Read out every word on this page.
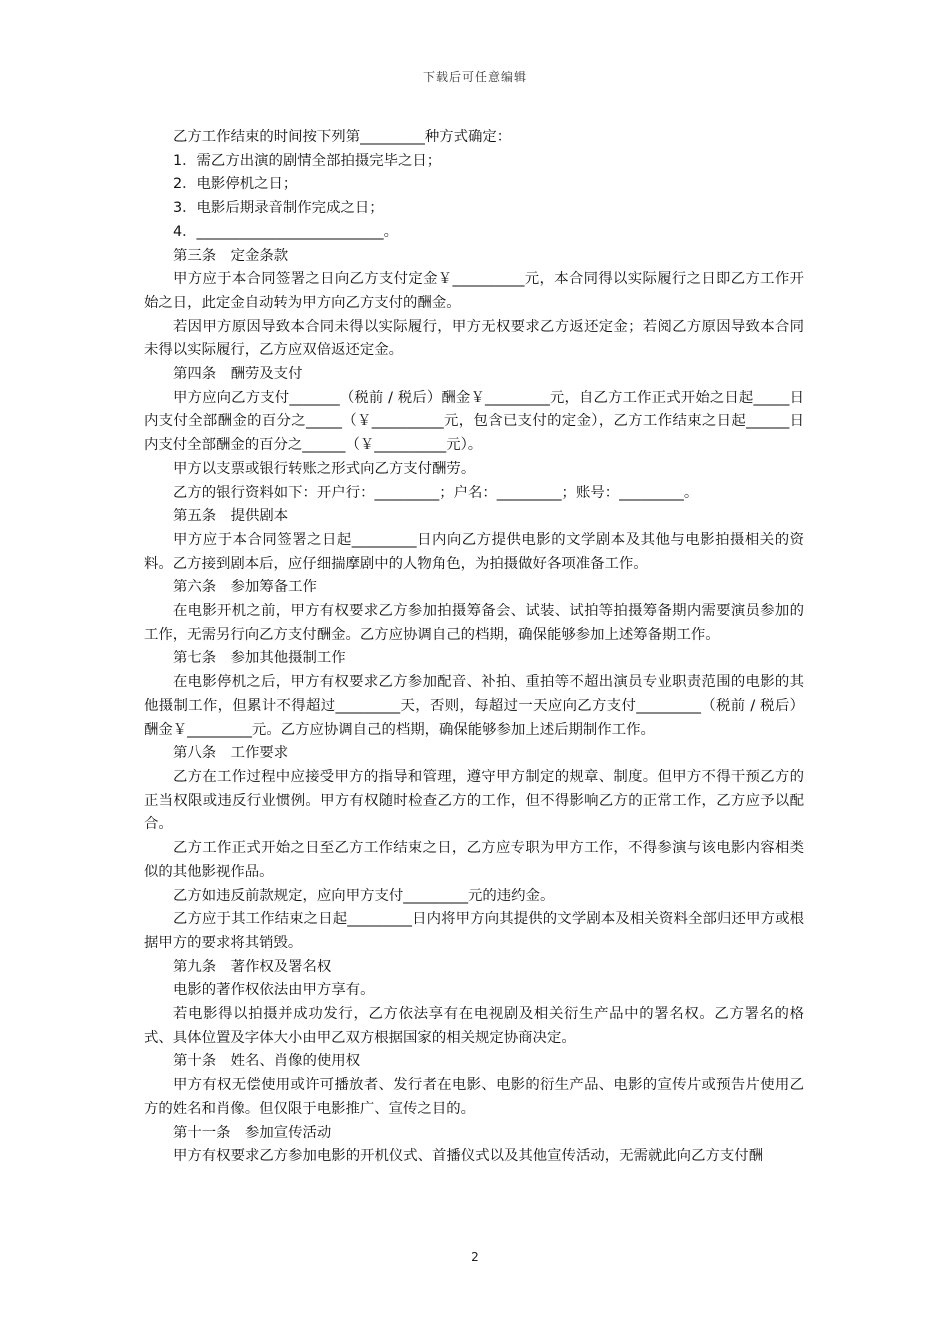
下载后可任意编辑

乙方工作结束的时间按下列第_________种方式确定：

1．需乙方出演的剧情全部拍摄完毕之日；

2．电影停机之日；

3．电影后期录音制作完成之日；

4．__________________________。

第三条　定金条款

甲方应于本合同签署之日向乙方支付定金￥__________元，本合同得以实际履行之日即乙方工作开始之日，此定金自动转为甲方向乙方支付的酬金。

若因甲方原因导致本合同未得以实际履行，甲方无权要求乙方返还定金；若阅乙方原因导致本合同未得以实际履行，乙方应双倍返还定金。

第四条　酬劳及支付

甲方应向乙方支付_______（税前 / 税后）酬金￥_________元，自乙方工作正式开始之日起_____日内支付全部酬金的百分之_____（￥__________元，包含已支付的定金），乙方工作结束之日起______日内支付全部酬金的百分之______（￥__________元）。

甲方以支票或银行转账之形式向乙方支付酬劳。

乙方的银行资料如下：开户行：_________；户名：_________；账号：_________。

第五条　提供剧本

甲方应于本合同签署之日起_________日内向乙方提供电影的文学剧本及其他与电影拍摄相关的资料。乙方接到剧本后，应仔细揣摩剧中的人物角色，为拍摄做好各项准备工作。

第六条　参加筹备工作

在电影开机之前，甲方有权要求乙方参加拍摄筹备会、试装、试拍等拍摄筹备期内需要演员参加的工作，无需另行向乙方支付酬金。乙方应协调自己的档期，确保能够参加上述筹备期工作。

第七条　参加其他摄制工作

在电影停机之后，甲方有权要求乙方参加配音、补拍、重拍等不超出演员专业职责范围的电影的其他摄制工作，但累计不得超过_________天，否则，每超过一天应向乙方支付_________（税前 / 税后）酬金￥_________元。乙方应协调自己的档期，确保能够参加上述后期制作工作。

第八条　工作要求

乙方在工作过程中应接受甲方的指导和管理，遵守甲方制定的规章、制度。但甲方不得干预乙方的正当权限或违反行业惯例。甲方有权随时检查乙方的工作，但不得影响乙方的正常工作，乙方应予以配合。

乙方工作正式开始之日至乙方工作结束之日，乙方应专职为甲方工作，不得参演与该电影内容相类似的其他影视作品。

乙方如违反前款规定，应向甲方支付_________元的违约金。

乙方应于其工作结束之日起_________日内将甲方向其提供的文学剧本及相关资料全部归还甲方或根据甲方的要求将其销毁。

第九条　著作权及署名权

电影的著作权依法由甲方享有。

若电影得以拍摄并成功发行，乙方依法享有在电视剧及相关衍生产品中的署名权。乙方署名的格式、具体位置及字体大小由甲乙双方根据国家的相关规定协商决定。

第十条　姓名、肖像的使用权

甲方有权无偿使用或许可播放者、发行者在电影、电影的衍生产品、电影的宣传片或预告片使用乙方的姓名和肖像。但仅限于电影推广、宣传之目的。

第十一条　参加宣传活动

甲方有权要求乙方参加电影的开机仪式、首播仪式以及其他宣传活动，无需就此向乙方支付酬

2
